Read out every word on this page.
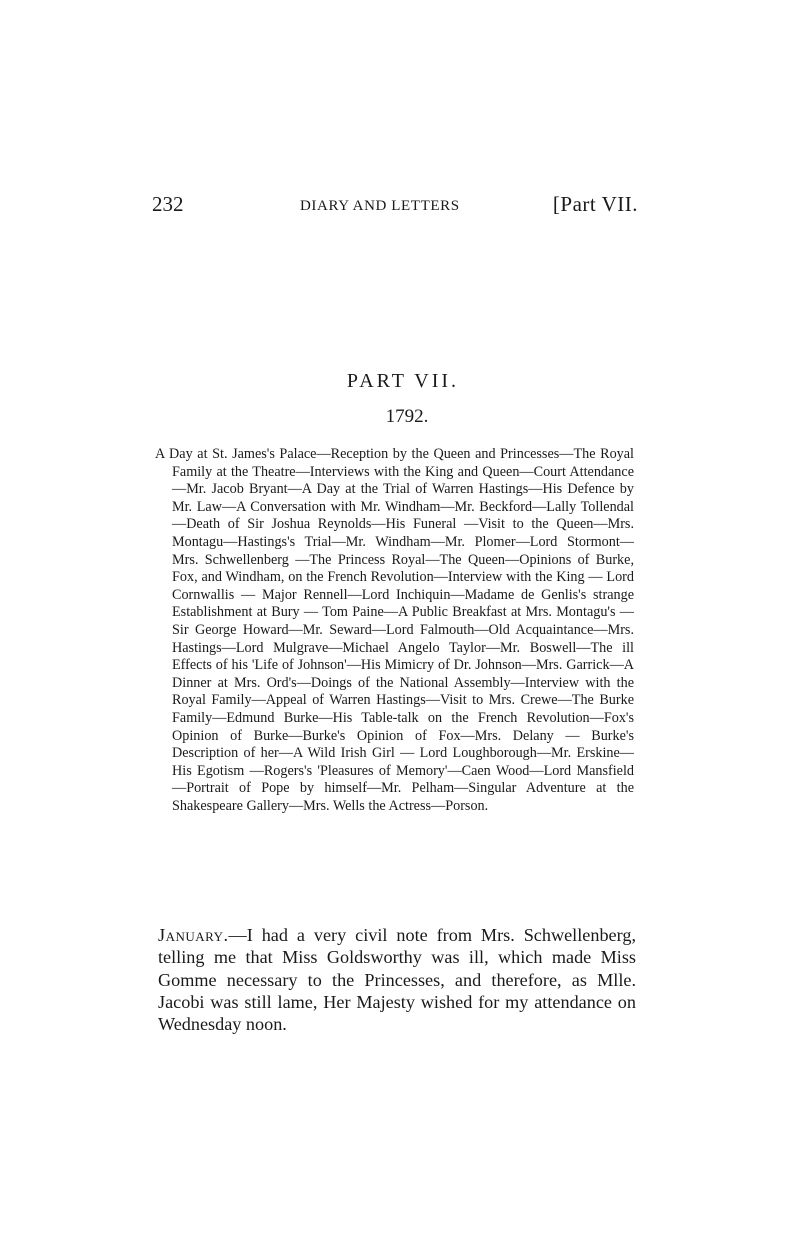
232	DIARY AND LETTERS	[Part VII.
PART VII.
1792.

A Day at St. James's Palace—Reception by the Queen and Princesses—The Royal Family at the Theatre—Interviews with the King and Queen—Court Attendance—Mr. Jacob Bryant—A Day at the Trial of Warren Hastings—His Defence by Mr. Law—A Conversation with Mr. Windham—Mr. Beckford—Lally Tollendal—Death of Sir Joshua Reynolds—His Funeral —Visit to the Queen—Mrs. Montagu—Hastings's Trial—Mr. Windham—Mr. Plomer—Lord Stormont—Mrs. Schwellenberg —The Princess Royal—The Queen—Opinions of Burke, Fox, and Windham, on the French Revolution—Interview with the King — Lord Cornwallis — Major Rennell—Lord Inchiquin—Madame de Genlis's strange Establishment at Bury — Tom Paine—A Public Breakfast at Mrs. Montagu's — Sir George Howard—Mr. Seward—Lord Falmouth—Old Acquaintance—Mrs. Hastings—Lord Mulgrave—Michael Angelo Taylor—Mr. Boswell—The ill Effects of his 'Life of Johnson'—His Mimicry of Dr. Johnson—Mrs. Garrick—A Dinner at Mrs. Ord's—Doings of the National Assembly—Interview with the Royal Family—Appeal of Warren Hastings—Visit to Mrs. Crewe—The Burke Family—Edmund Burke—His Table-talk on the French Revolution—Fox's Opinion of Burke—Burke's Opinion of Fox—Mrs. Delany — Burke's Description of her—A Wild Irish Girl — Lord Loughborough—Mr. Erskine—His Egotism —Rogers's 'Pleasures of Memory'—Caen Wood—Lord Mansfield—Portrait of Pope by himself—Mr. Pelham—Singular Adventure at the Shakespeare Gallery—Mrs. Wells the Actress—Porson.

January.—I had a very civil note from Mrs. Schwellenberg, telling me that Miss Goldsworthy was ill, which made Miss Gomme necessary to the Princesses, and therefore, as Mlle. Jacobi was still lame, Her Majesty wished for my attendance on Wednesday noon.
